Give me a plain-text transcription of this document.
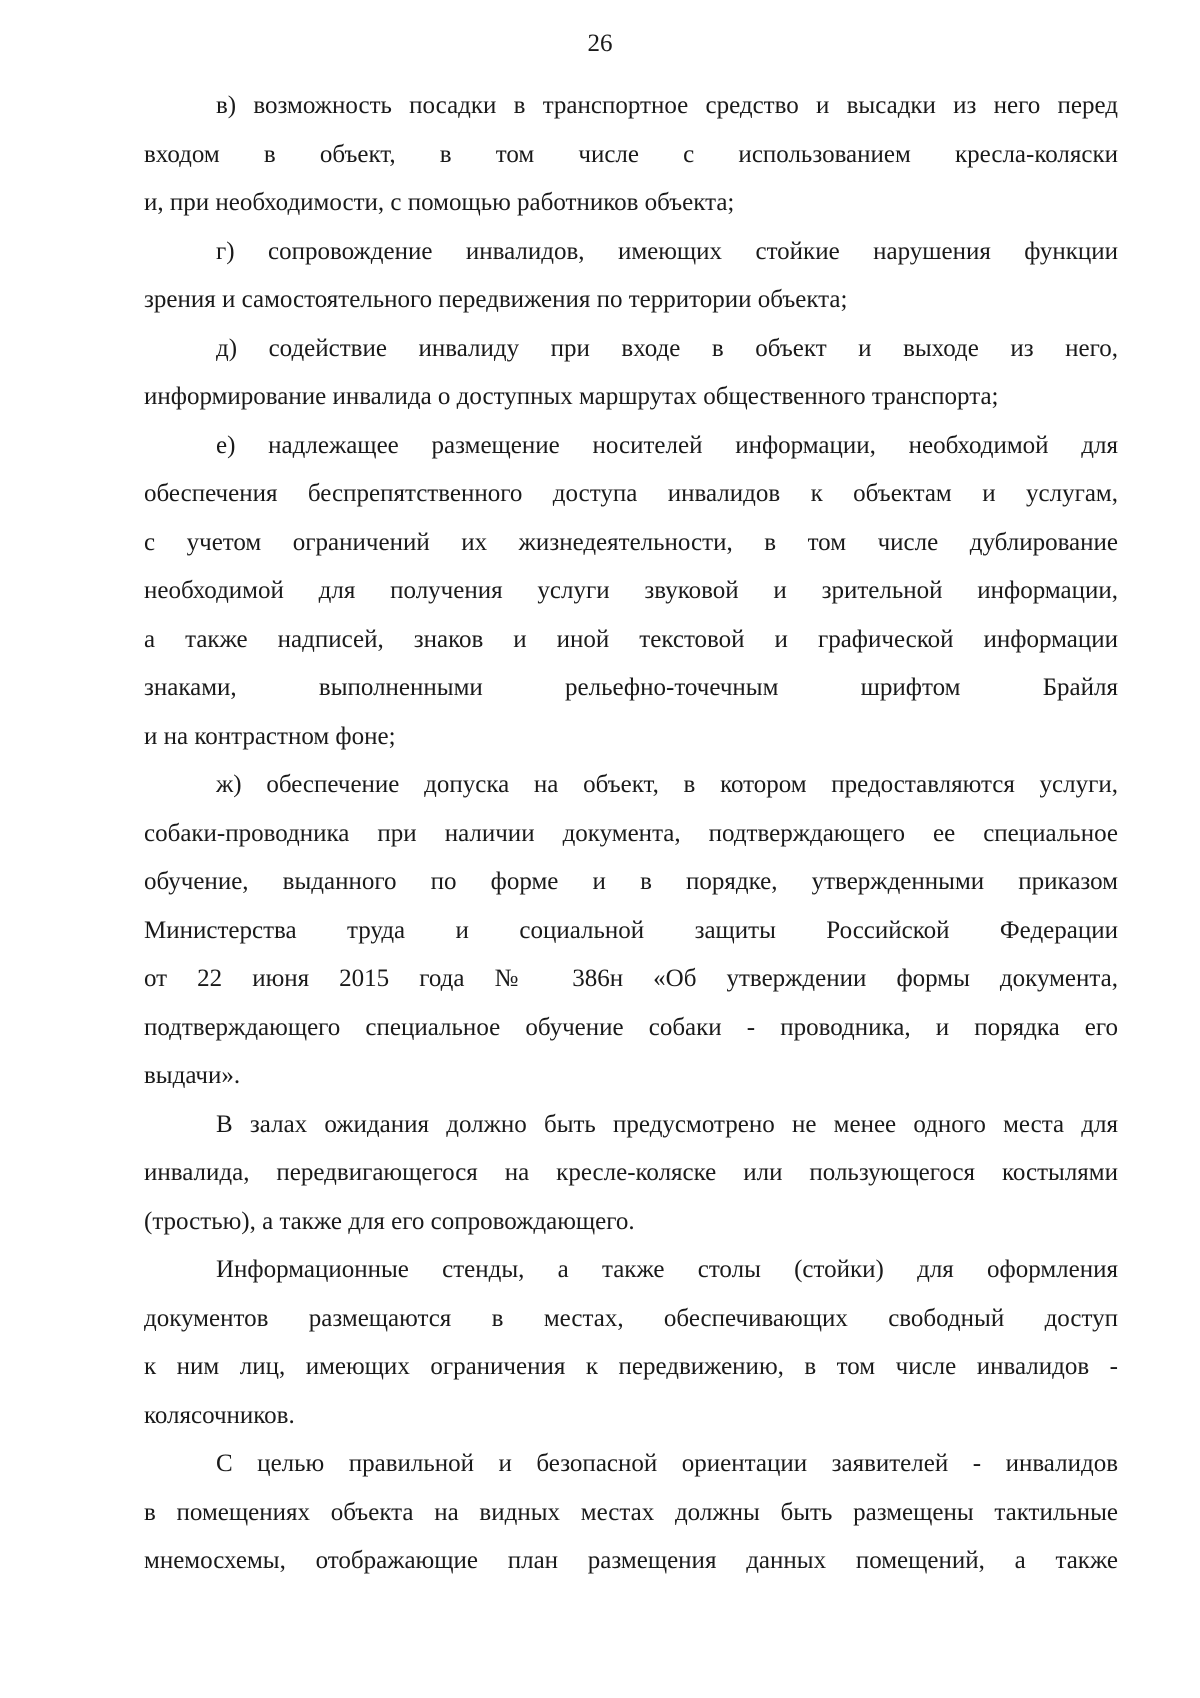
26

в) возможность посадки в транспортное средство и высадки из него перед
входом в объект, в том числе с использованием кресла-коляски
и, при необходимости, с помощью работников объекта;

г) сопровождение инвалидов, имеющих стойкие нарушения функции
зрения и самостоятельного передвижения по территории объекта;

д) содействие инвалиду при входе в объект и выходе из него,
информирование инвалида о доступных маршрутах общественного транспорта;

е) надлежащее размещение носителей информации, необходимой для
обеспечения беспрепятственного доступа инвалидов к объектам и услугам,
с учетом ограничений их жизнедеятельности, в том числе дублирование
необходимой для получения услуги звуковой и зрительной информации,
а также надписей, знаков и иной текстовой и графической информации
знаками, выполненными рельефно-точечным шрифтом Брайля
и на контрастном фоне;

ж) обеспечение допуска на объект, в котором предоставляются услуги,
собаки-проводника при наличии документа, подтверждающего ее специальное
обучение, выданного по форме и в порядке, утвержденными приказом
Министерства труда и социальной защиты Российской Федерации
от 22 июня 2015 года № 386н «Об утверждении формы документа,
подтверждающего специальное обучение собаки - проводника, и порядка его
выдачи».

В залах ожидания должно быть предусмотрено не менее одного места для
инвалида, передвигающегося на кресле-коляске или пользующегося костылями
(тростью), а также для его сопровождающего.

Информационные стенды, а также столы (стойки) для оформления
документов размещаются в местах, обеспечивающих свободный доступ
к ним лиц, имеющих ограничения к передвижению, в том числе инвалидов -
колясочников.

С целью правильной и безопасной ориентации заявителей - инвалидов
в помещениях объекта на видных местах должны быть размещены тактильные
мнемосхемы, отображающие план размещения данных помещений, а также
